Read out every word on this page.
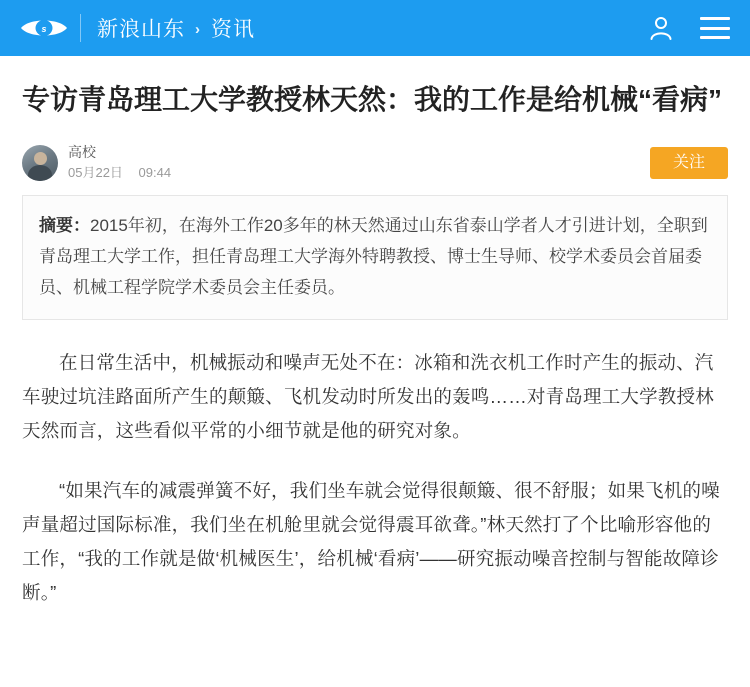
s 新浪山东 › 资讯
专访青岛理工大学教授林天然：我的工作是给机械“看病”
高校
05月22日 09:44
关注
摘要：2015年初，在海外工作20多年的林天然通过山东省泰山学者人才引进计划，全职到青岛理工大学工作，担任青岛理工大学海外特聘教授、博士生导师、校学术委员会首届委员、机械工程学院学术委员会主任委员。

在日常生活中，机械振动和噪声无处不在：冰箱和洗衣机工作时产生的振动、汽车驶过坑洼路面所产生的颠簸、飞机发动时所发出的轰鸣……对青岛理工大学教授林天然而言，这些看似平常的小细节就是他的研究对象。

“如果汽车的减震弹簧不好，我们坐车就会觉得很颠簸、很不舒服；如果飞机的噪声量超过国际标准，我们坐在机舱里就会觉得震耳欲聋。”林天然打了个比喻形容他的工作，“我的工作就是做‘机械医生’，给机械‘看病’——研究振动噪音控制与智能故障诊断。”
